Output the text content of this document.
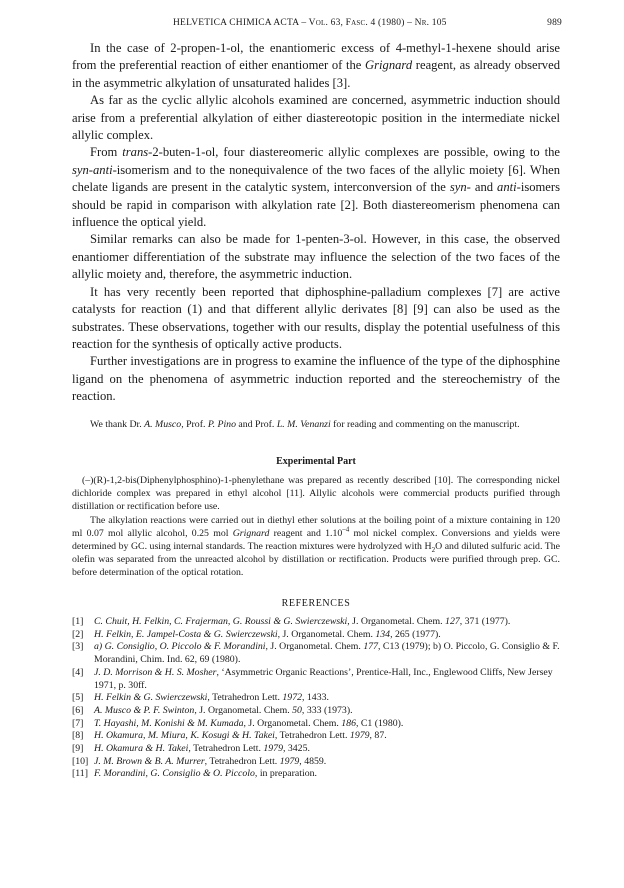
HELVETICA CHIMICA ACTA – Vol. 63, Fasc. 4 (1980) – Nr. 105	989

In the case of 2-propen-1-ol, the enantiomeric excess of 4-methyl-1-hexene should arise from the preferential reaction of either enantiomer of the Grignard reagent, as already observed in the asymmetric alkylation of unsaturated halides [3].

As far as the cyclic allylic alcohols examined are concerned, asymmetric induction should arise from a preferential alkylation of either diastereotopic position in the intermediate nickel allylic complex.

From trans-2-buten-1-ol, four diastereomeric allylic complexes are possible, owing to the syn-anti-isomerism and to the nonequivalence of the two faces of the allylic moiety [6]. When chelate ligands are present in the catalytic system, interconversion of the syn- and anti-isomers should be rapid in comparison with alkylation rate [2]. Both diastereomerism phenomena can influence the optical yield.

Similar remarks can also be made for 1-penten-3-ol. However, in this case, the observed enantiomer differentiation of the substrate may influence the selection of the two faces of the allylic moiety and, therefore, the asymmetric induction.

It has very recently been reported that diphosphine-palladium complexes [7] are active catalysts for reaction (1) and that different allylic derivates [8] [9] can also be used as the substrates. These observations, together with our results, display the potential usefulness of this reaction for the synthesis of optically active products.

Further investigations are in progress to examine the influence of the type of the diphosphine ligand on the phenomena of asymmetric induction reported and the stereochemistry of the reaction.

We thank Dr. A. Musco, Prof. P. Pino and Prof. L. M. Venanzi for reading and commenting on the manuscript.

Experimental Part

(–)(R)-1,2-bis(Diphenylphosphino)-1-phenylethane was prepared as recently described [10]. The corresponding nickel dichloride complex was prepared in ethyl alcohol [11]. Allylic alcohols were commercial products purified through distillation or rectification before use.

The alkylation reactions were carried out in diethyl ether solutions at the boiling point of a mixture containing in 120 ml 0.07 mol allylic alcohol, 0.25 mol Grignard reagent and $1.10^{-4}$ mol nickel complex. Conversions and yields were determined by GC. using internal standards. The reaction mixtures were hydrolyzed with $H_2O$ and diluted sulfuric acid. The olefin was separated from the unreacted alcohol by distillation or rectification. Products were purified through prep. GC. before determination of the optical rotation.

REFERENCES
[1] C. Chuit, H. Felkin, C. Frajerman, G. Roussi & G. Swierczewski, J. Organometal. Chem. 127, 371 (1977).
[2] H. Felkin, E. Jampel-Costa & G. Swierczewski, J. Organometal. Chem. 134, 265 (1977).
[3] a) G. Consiglio, O. Piccolo & F. Morandini, J. Organometal. Chem. 177, C13 (1979); b) O. Piccolo, G. Consiglio & F. Morandini, Chim. Ind. 62, 69 (1980).
[4] J. D. Morrison & H. S. Mosher, ‘Asymmetric Organic Reactions’, Prentice-Hall, Inc., Englewood Cliffs, New Jersey 1971, p. 30ff.
[5] H. Felkin & G. Swierczewski, Tetrahedron Lett. 1972, 1433.
[6] A. Musco & P. F. Swinton, J. Organometal. Chem. 50, 333 (1973).
[7] T. Hayashi, M. Konishi & M. Kumada, J. Organometal. Chem. 186, C1 (1980).
[8] H. Okamura, M. Miura, K. Kosugi & H. Takei, Tetrahedron Lett. 1979, 87.
[9] H. Okamura & H. Takei, Tetrahedron Lett. 1979, 3425.
[10] J. M. Brown & B. A. Murrer, Tetrahedron Lett. 1979, 4859.
[11] F. Morandini, G. Consiglio & O. Piccolo, in preparation.
